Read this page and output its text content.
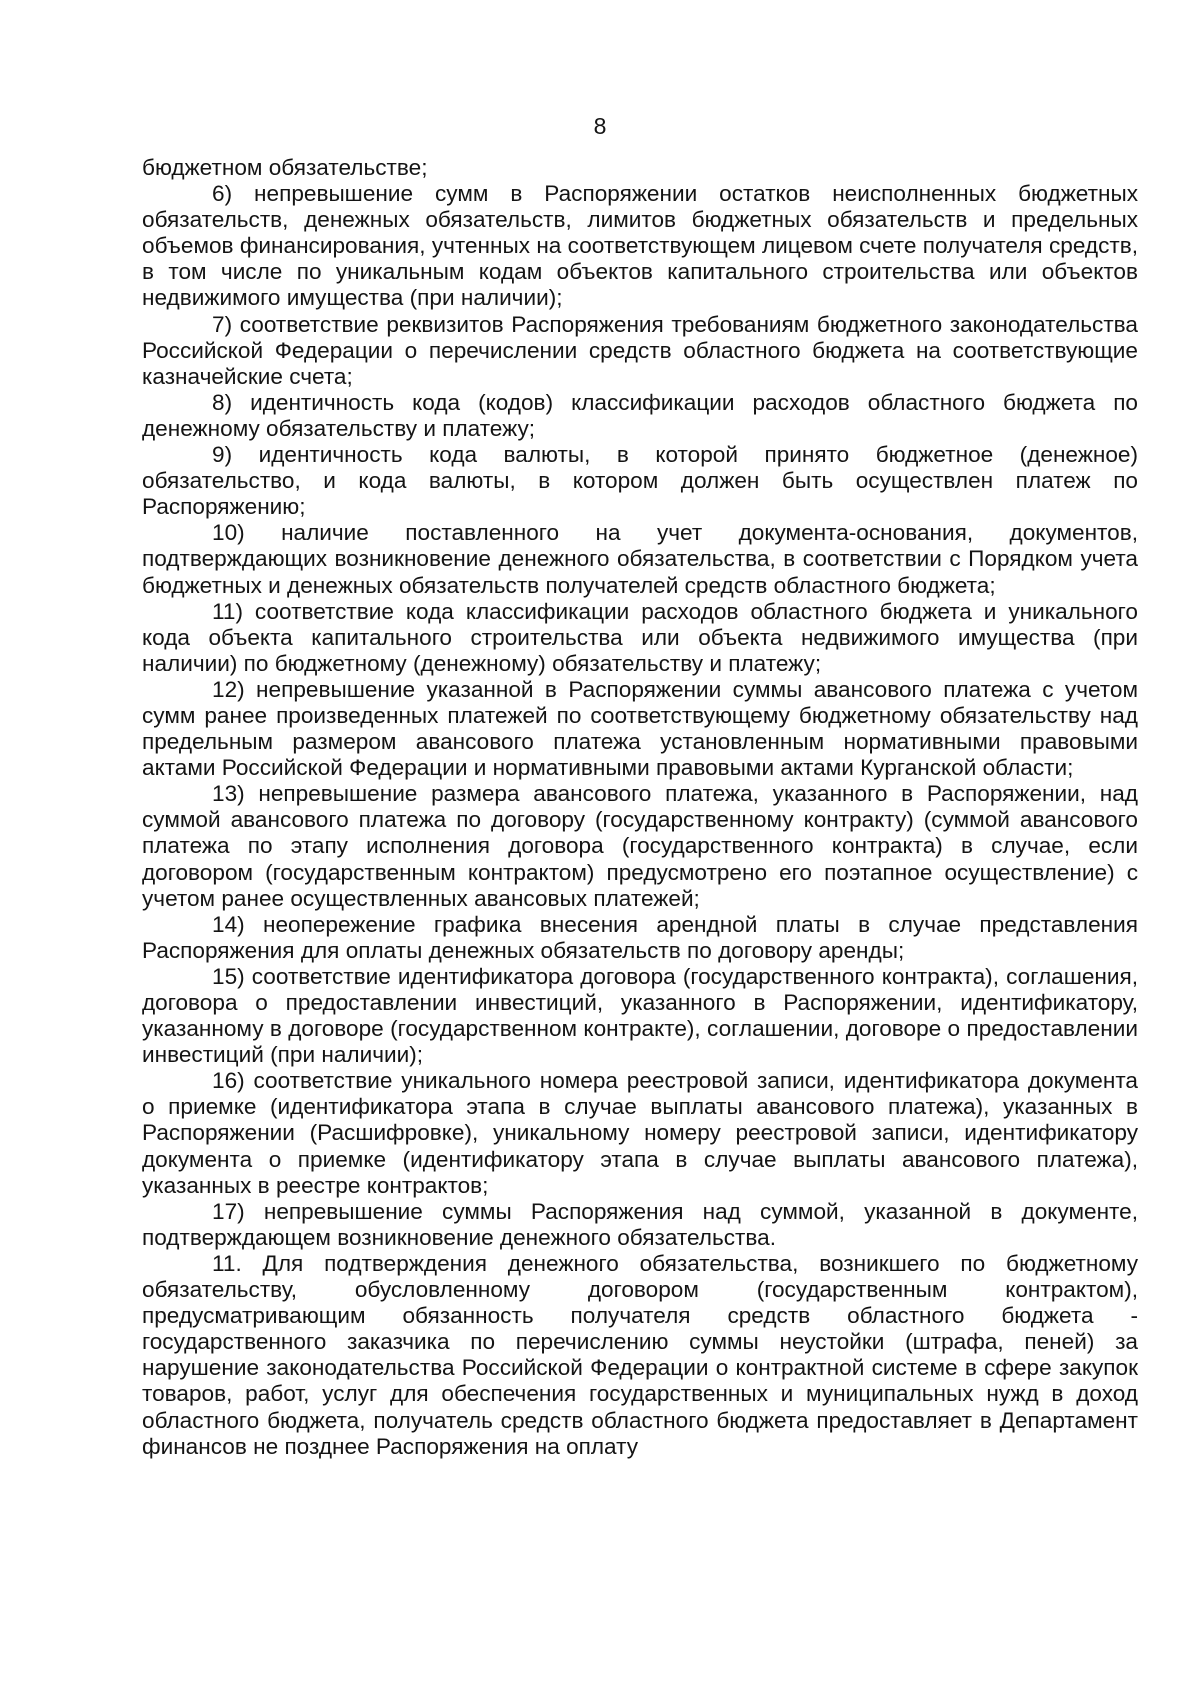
8

бюджетном обязательстве;

6) непревышение сумм в Распоряжении остатков неисполненных бюджетных обязательств, денежных обязательств, лимитов бюджетных обязательств и предельных объемов финансирования, учтенных на соответствующем лицевом счете получателя средств, в том числе по уникальным кодам объектов капитального строительства или объектов недвижимого имущества (при наличии);

7) соответствие реквизитов Распоряжения требованиям бюджетного законодательства Российской Федерации о перечислении средств областного бюджета на соответствующие казначейские счета;

8) идентичность кода (кодов) классификации расходов областного бюджета по денежному обязательству и платежу;

9) идентичность кода валюты, в которой принято бюджетное (денежное) обязательство, и кода валюты, в котором должен быть осуществлен платеж по Распоряжению;

10) наличие поставленного на учет документа-основания, документов, подтверждающих возникновение денежного обязательства, в соответствии с Порядком учета бюджетных и денежных обязательств получателей средств областного бюджета;

11) соответствие кода классификации расходов областного бюджета и уникального кода объекта капитального строительства или объекта недвижимого имущества (при наличии) по бюджетному (денежному) обязательству и платежу;

12) непревышение указанной в Распоряжении суммы авансового платежа с учетом сумм ранее произведенных платежей по соответствующему бюджетному обязательству над предельным размером авансового платежа установленным нормативными правовыми актами Российской Федерации и нормативными правовыми актами Курганской области;

13) непревышение размера авансового платежа, указанного в Распоряжении, над суммой авансового платежа по договору (государственному контракту) (суммой авансового платежа по этапу исполнения договора (государственного контракта) в случае, если договором (государственным контрактом) предусмотрено его поэтапное осуществление) с учетом ранее осуществленных авансовых платежей;

14) неопережение графика внесения арендной платы в случае представления Распоряжения для оплаты денежных обязательств по договору аренды;

15) соответствие идентификатора договора (государственного контракта), соглашения, договора о предоставлении инвестиций, указанного в Распоряжении, идентификатору, указанному в договоре (государственном контракте), соглашении, договоре о предоставлении инвестиций (при наличии);

16) соответствие уникального номера реестровой записи, идентификатора документа о приемке (идентификатора этапа в случае выплаты авансового платежа), указанных в Распоряжении (Расшифровке), уникальному номеру реестровой записи, идентификатору документа о приемке (идентификатору этапа в случае выплаты авансового платежа), указанных в реестре контрактов;

17) непревышение суммы Распоряжения над суммой, указанной в документе, подтверждающем возникновение денежного обязательства.

11. Для подтверждения денежного обязательства, возникшего по бюджетному обязательству, обусловленному договором (государственным контрактом), предусматривающим обязанность получателя средств областного бюджета - государственного заказчика по перечислению суммы неустойки (штрафа, пеней) за нарушение законодательства Российской Федерации о контрактной системе в сфере закупок товаров, работ, услуг для обеспечения государственных и муниципальных нужд в доход областного бюджета, получатель средств областного бюджета предоставляет в Департамент финансов не позднее Распоряжения на оплату
